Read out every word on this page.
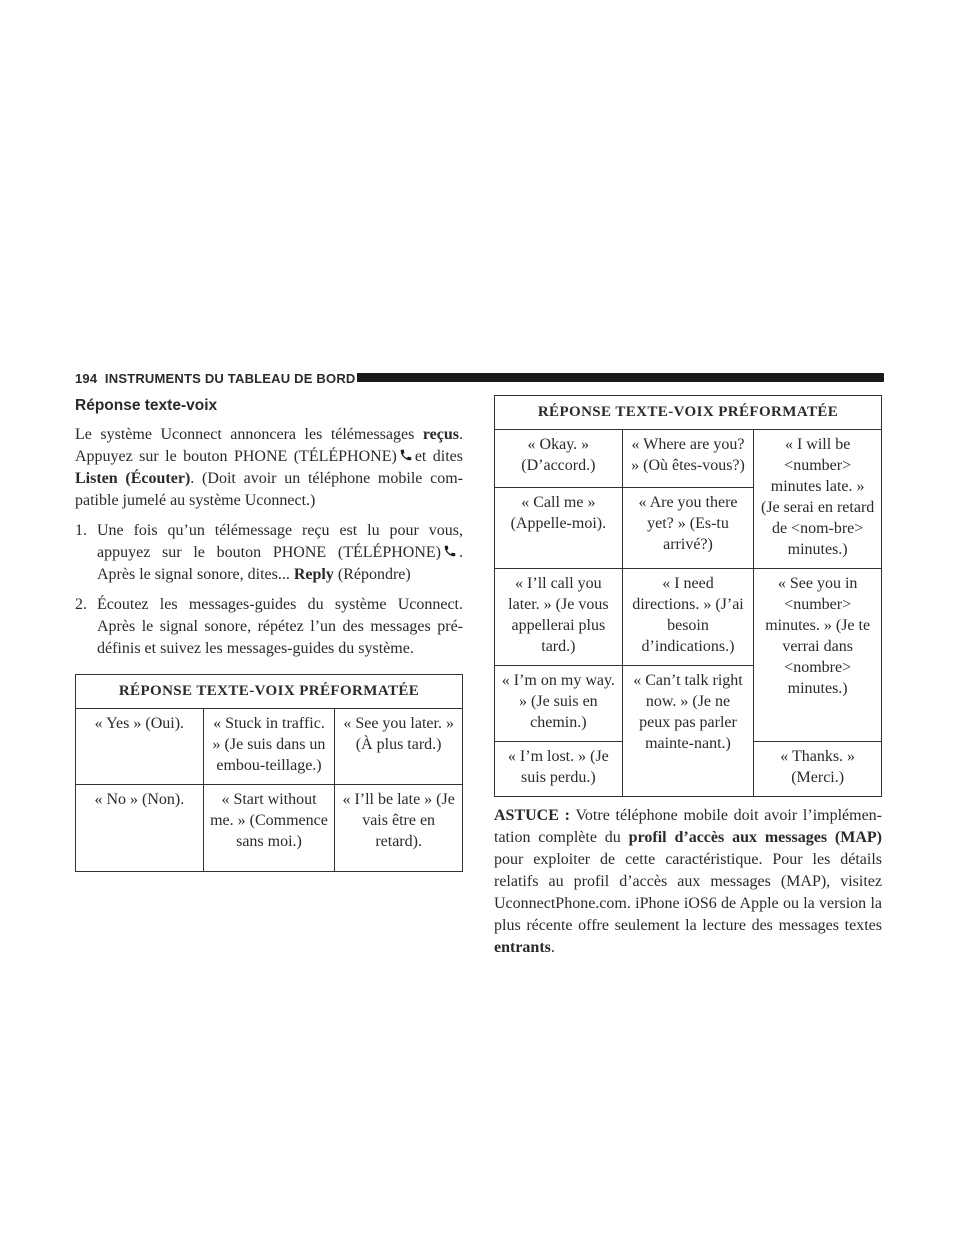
194 INSTRUMENTS DU TABLEAU DE BORD
Réponse texte-voix

Le système Uconnect annoncera les télémessages reçus. Appuyez sur le bouton PHONE (TÉLÉPHONE) et dites Listen (Écouter). (Doit avoir un téléphone mobile com-patible jumelé au système Uconnect.)

1. Une fois qu’un télémessage reçu est lu pour vous, appuyez sur le bouton PHONE (TÉLÉPHONE) . Après le signal sonore, dites... Reply (Répondre)
2. Écoutez les messages-guides du système Uconnect. Après le signal sonore, répétez l’un des messages pré-définis et suivez les messages-guides du système.
RÉPONSE TEXTE-VOIX PRÉFORMATÉE		
« Yes » (Oui).	« Stuck in traffic. » (Je suis dans un embou-teillage.)	« See you later. » (À plus tard.)
« No » (Non).	« Start without me. » (Commence sans moi.)	« I’ll be late » (Je vais être en retard).
RÉPONSE TEXTE-VOIX PRÉFORMATÉE		
« Okay. » (D’accord.)	« Where are you? » (Où êtes-vous?)	« I will be <number> minutes late. » (Je serai en retard de <nom-bre> minutes.)
« Call me » (Appelle-moi).	« Are you there yet? » (Es-tu arrivé?)	
« I’ll call you later. » (Je vous appellerai plus tard.)	« I need directions. » (J’ai besoin d’indications.)	« See you in <number> minutes. » (Je te verrai dans <nombre> minutes.)
« I’m on my way. » (Je suis en chemin.)	« Can’t talk right now. » (Je ne peux pas parler mainte-nant.)	
« I’m lost. » (Je suis perdu.)		« Thanks. » (Merci.)

ASTUCE : Votre téléphone mobile doit avoir l’implémen-tation complète du profil d’accès aux messages (MAP) pour exploiter de cette caractéristique. Pour les détails relatifs au profil d’accès aux messages (MAP), visitez UconnectPhone.com. iPhone iOS6 de Apple ou la version la plus récente offre seulement la lecture des messages textes entrants.
